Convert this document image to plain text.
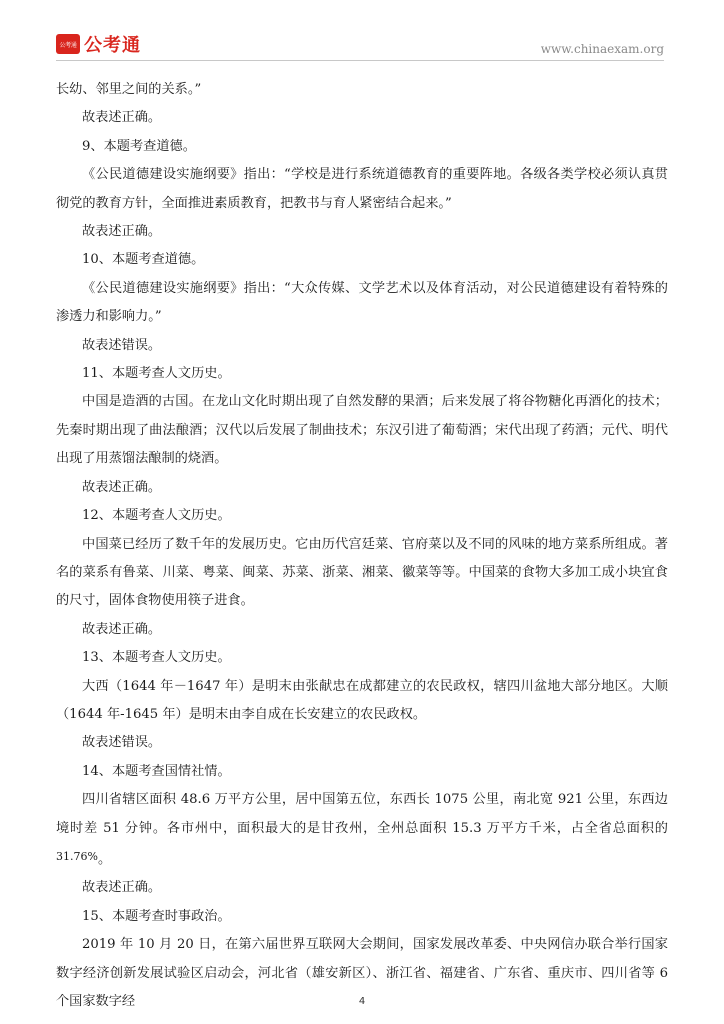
公考通 公考通	www.chinaexam.org

长幼、邻里之间的关系。”

故表述正确。

9、本题考查道德。

《公民道德建设实施纲要》指出：“学校是进行系统道德教育的重要阵地。各级各类学校必须认真贯彻党的教育方针，全面推进素质教育，把教书与育人紧密结合起来。”

故表述正确。

10、本题考查道德。

《公民道德建设实施纲要》指出：“大众传媒、文学艺术以及体育活动，对公民道德建设有着特殊的渗透力和影响力。”

故表述错误。

11、本题考查人文历史。

中国是造酒的古国。在龙山文化时期出现了自然发酵的果酒；后来发展了将谷物糖化再酒化的技术；先秦时期出现了曲法酿酒；汉代以后发展了制曲技术；东汉引进了葡萄酒；宋代出现了药酒；元代、明代出现了用蒸馏法酿制的烧酒。

故表述正确。

12、本题考查人文历史。

中国菜已经历了数千年的发展历史。它由历代宫廷菜、官府菜以及不同的风味的地方菜系所组成。著名的菜系有鲁菜、川菜、粤菜、闽菜、苏菜、浙菜、湘菜、徽菜等等。中国菜的食物大多加工成小块宜食的尺寸，固体食物使用筷子进食。

故表述正确。

13、本题考查人文历史。

大西（1644 年－1647 年）是明末由张献忠在成都建立的农民政权，辖四川盆地大部分地区。大顺（1644 年-1645 年）是明末由李自成在长安建立的农民政权。

故表述错误。

14、本题考查国情社情。

四川省辖区面积 48.6 万平方公里，居中国第五位，东西长 1075 公里，南北宽 921 公里，东西边境时差 51 分钟。各市州中，面积最大的是甘孜州，全州总面积 15.3 万平方千米，占全省总面积的$^{31.76\%}$。

故表述正确。

15、本题考查时事政治。

2019 年 10 月 20 日，在第六届世界互联网大会期间，国家发展改革委、中央网信办联合举行国家数字经济创新发展试验区启动会，河北省（雄安新区）、浙江省、福建省、广东省、重庆市、四川省等 6 个国家数字经	4
